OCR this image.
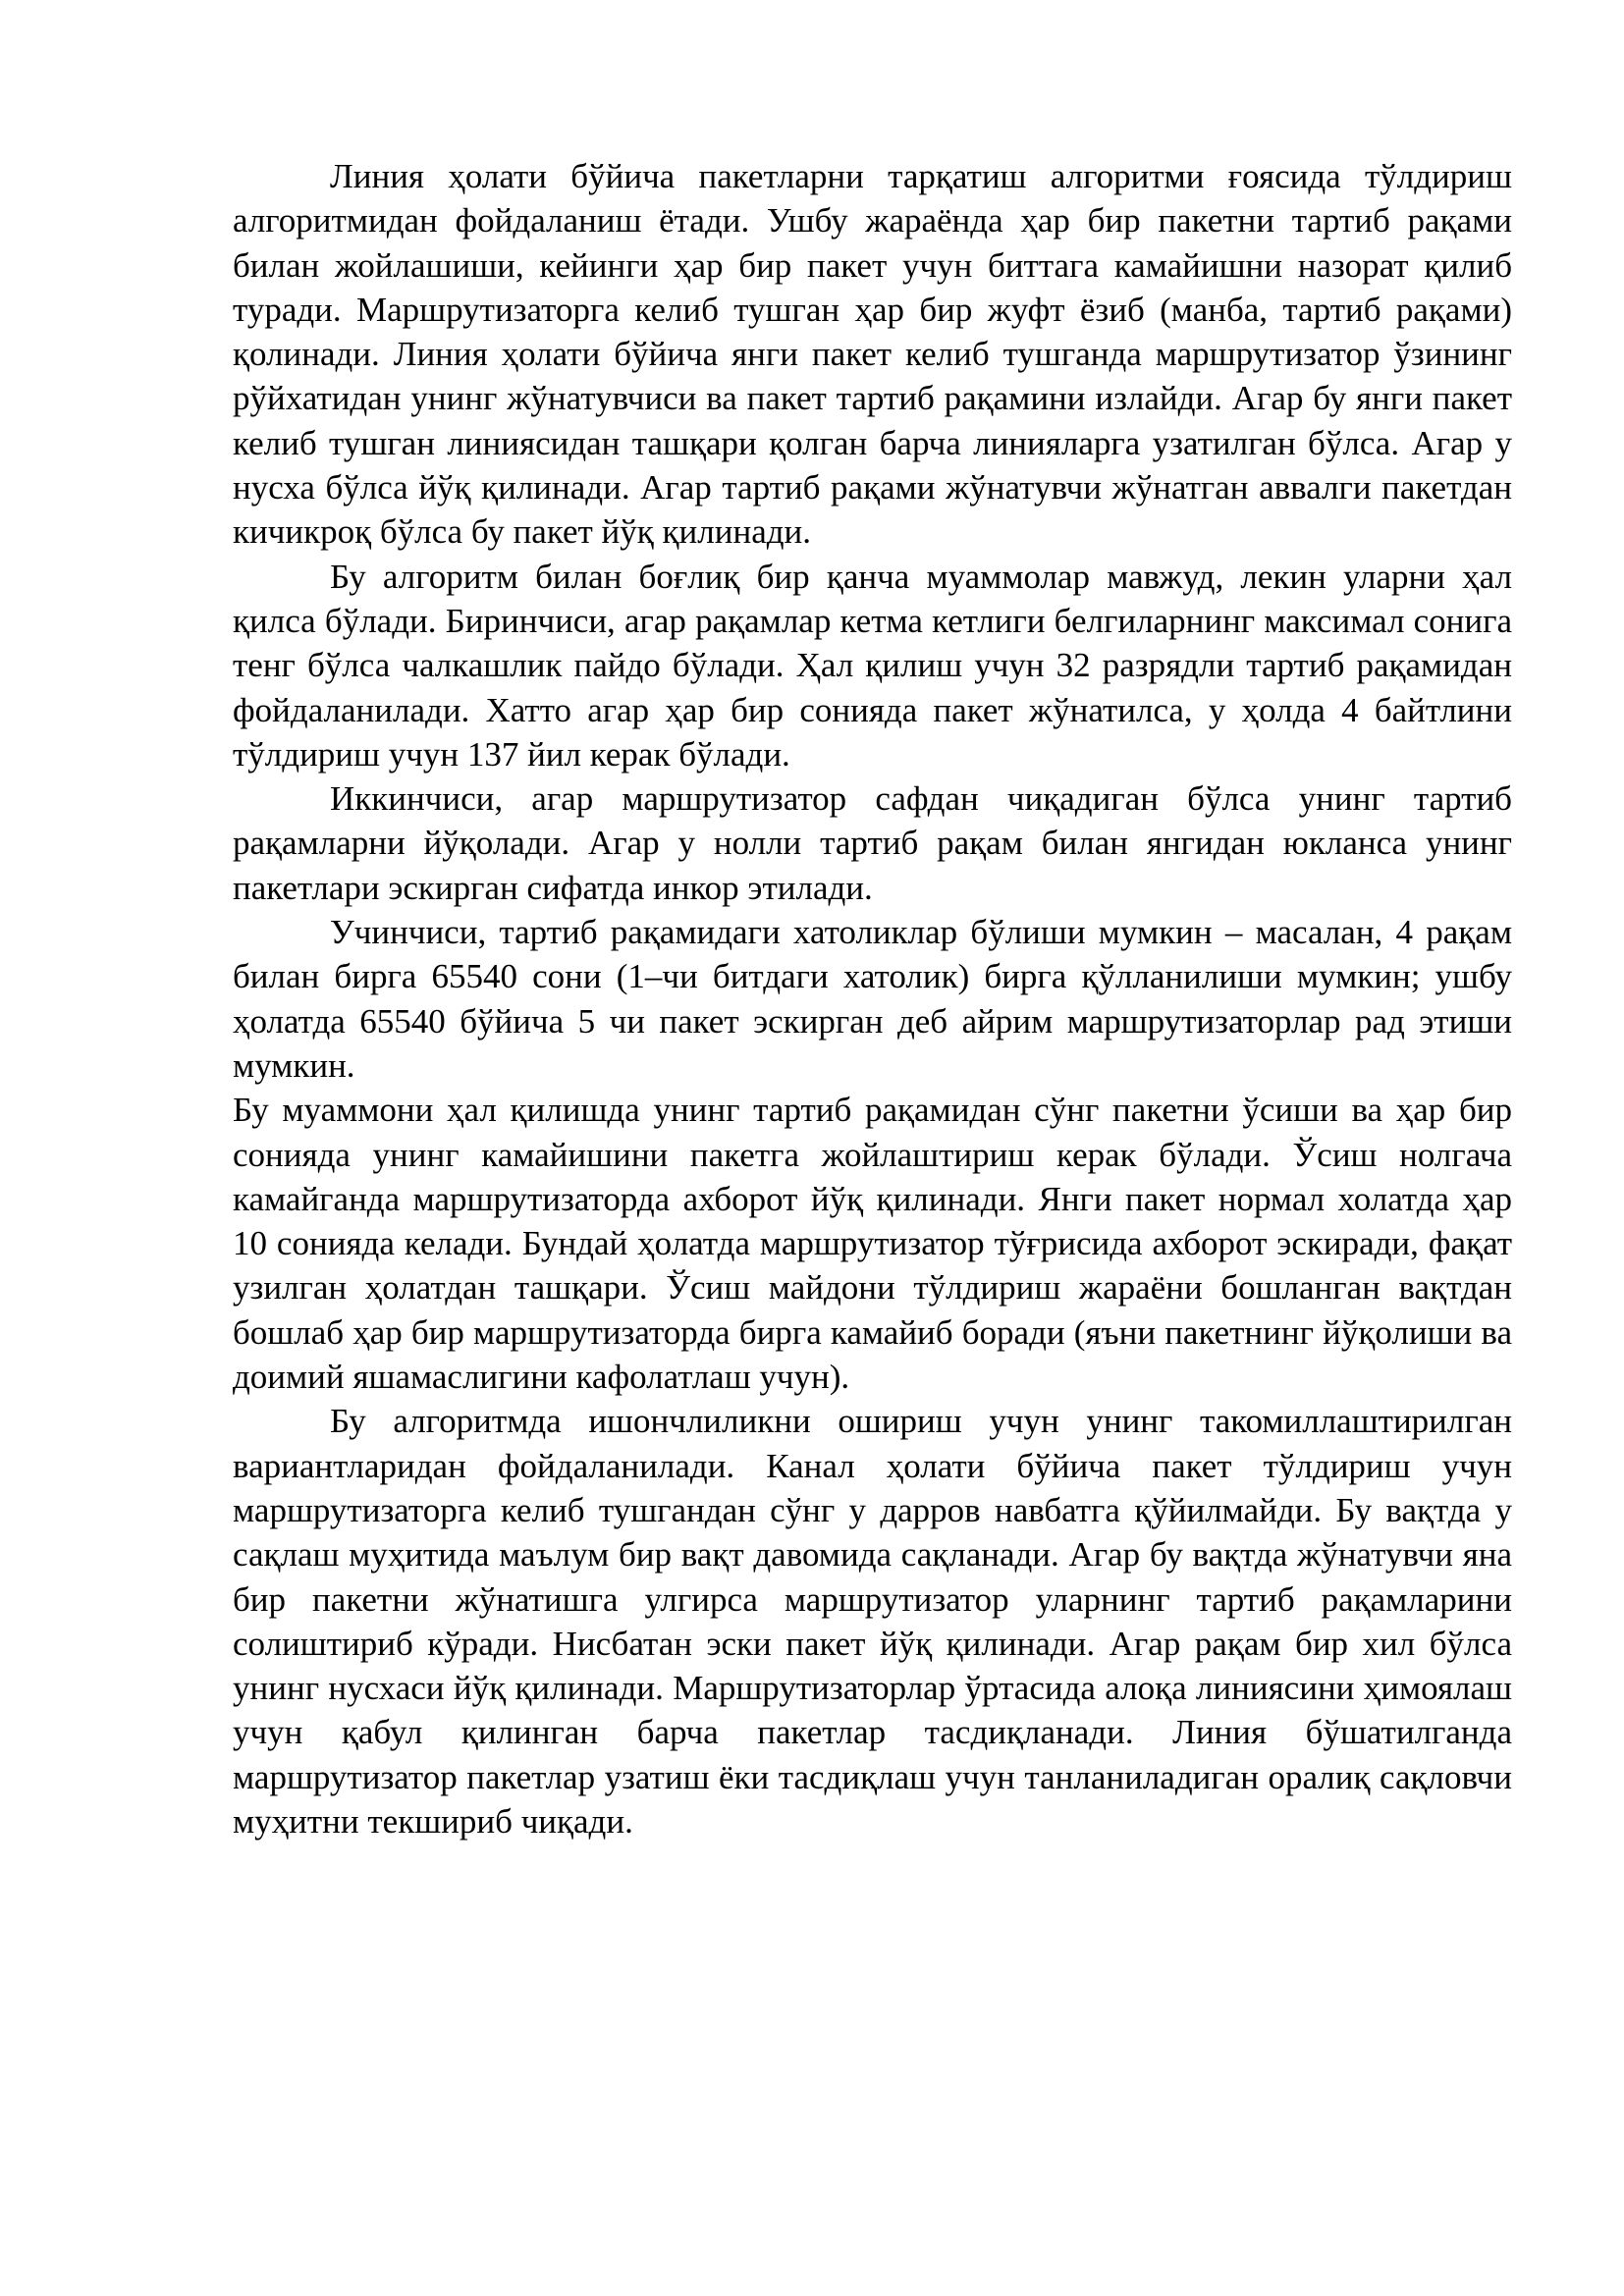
Линия ҳолати бўйича пакетларни тарқатиш алгоритми ғоясида тўлдириш алгоритмидан фойдаланиш ётади. Ушбу жараёнда ҳар бир пакетни тартиб рақами билан жойлашиши, кейинги ҳар бир пакет учун биттага камайишни назорат қилиб туради. Маршрутизаторга келиб тушган ҳар бир жуфт ёзиб (манба, тартиб рақами) қолинади. Линия ҳолати бўйича янги пакет келиб тушганда маршрутизатор ўзининг рўйхатидан унинг жўнатувчиси ва пакет тартиб рақамини излайди. Агар бу янги пакет келиб тушган линиясидан ташқари қолган барча линияларга узатилган бўлса. Агар у нусха бўлса йўқ қилинади. Агар тартиб рақами жўнатувчи жўнатган аввалги пакетдан кичикроқ бўлса бу пакет йўқ қилинади.

Бу алгоритм билан боғлиқ бир қанча муаммолар мавжуд, лекин уларни ҳал қилса бўлади. Биринчиси, агар рақамлар кетма кетлиги белгиларнинг максимал сонига тенг бўлса чалкашлик пайдо бўлади. Ҳал қилиш учун 32 разрядли тартиб рақамидан фойдаланилади. Хатто агар ҳар бир сонияда пакет жўнатилса, у ҳолда 4 байтлини тўлдириш учун 137 йил керак бўлади.

Иккинчиси, агар маршрутизатор сафдан чиқадиган бўлса унинг тартиб рақамларни йўқолади. Агар у нолли тартиб рақам билан янгидан юкланса унинг пакетлари эскирган сифатда инкор этилади.

Учинчиси, тартиб рақамидаги хатоликлар бўлиши мумкин – масалан, 4 рақам билан бирга 65540 сони (1–чи битдаги хатолик) бирга қўлланилиши мумкин; ушбу ҳолатда 65540 бўйича 5 чи пакет эскирган деб айрим маршрутизаторлар рад этиши мумкин.

Бу муаммони ҳал қилишда унинг тартиб рақамидан сўнг пакетни ўсиши ва ҳар бир сонияда унинг камайишини пакетга жойлаштириш керак бўлади. Ўсиш нолгача камайганда маршрутизаторда ахборот йўқ қилинади. Янги пакет нормал холатда ҳар 10 сонияда келади. Бундай ҳолатда маршрутизатор тўғрисида ахборот эскиради, фақат узилган ҳолатдан ташқари. Ўсиш майдони тўлдириш жараёни бошланган вақтдан бошлаб ҳар бир маршрутизаторда бирга камайиб боради (яъни пакетнинг йўқолиши ва доимий яшамаслигини кафолатлаш учун).

Бу алгоритмда ишончлиликни ошириш учун унинг такомиллаштирилган вариантларидан фойдаланилади. Канал ҳолати бўйича пакет тўлдириш учун маршрутизаторга келиб тушгандан сўнг у дарров навбатга қўйилмайди. Бу вақтда у сақлаш муҳитида маълум бир вақт давомида сақланади. Агар бу вақтда жўнатувчи яна бир пакетни жўнатишга улгирса маршрутизатор уларнинг тартиб рақамларини солиштириб кўради. Нисбатан эски пакет йўқ қилинади. Агар рақам бир хил бўлса унинг нусхаси йўқ қилинади. Маршрутизаторлар ўртасида алоқа линиясини ҳимоялаш учун қабул қилинган барча пакетлар тасдиқланади. Линия бўшатилганда маршрутизатор пакетлар узатиш ёки тасдиқлаш учун танланиладиган оралиқ сақловчи муҳитни текшириб чиқади.
